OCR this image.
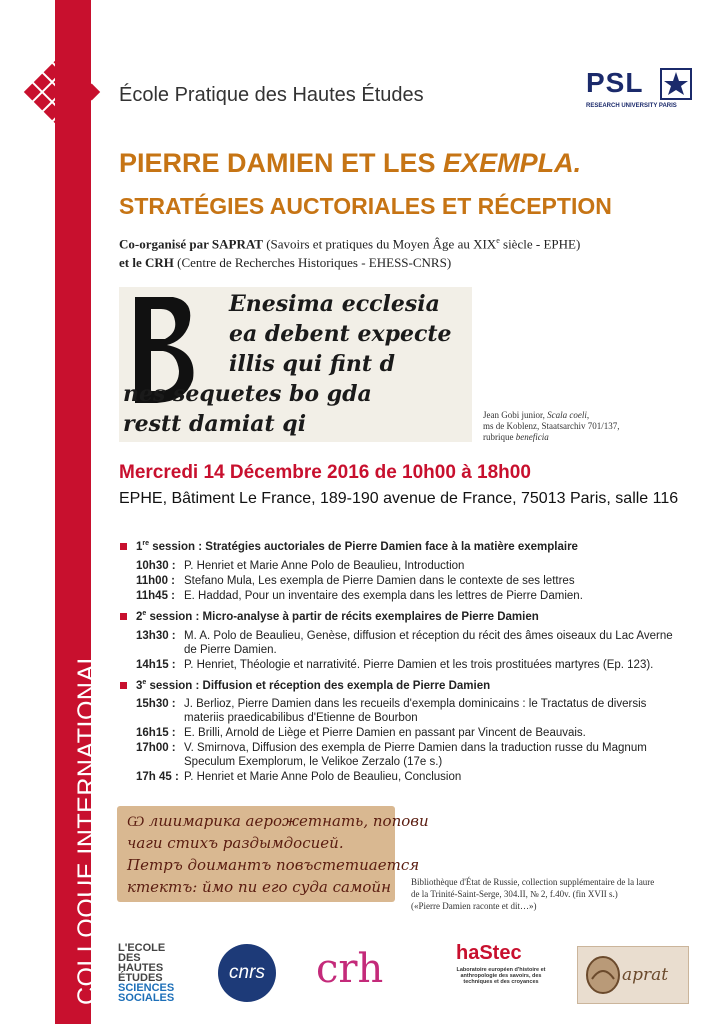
COLLOQUE INTERNATIONAL
École Pratique des Hautes Études	PSL
RESEARCH UNIVERSITY PARIS
PIERRE DAMIEN ET LES EXEMPLA.
STRATÉGIES AUCTORIALES ET RÉCEPTION
Co-organisé par SAPRAT (Savoirs et pratiques du Moyen Âge au XIXe siècle - EPHE)
et le CRH (Centre de Recherches Historiques - EHESS-CNRS)
Enesima ecclesia
ea debent expecte
illis qui fint d
nes sequetes bo gda
restt damiat qi	Jean Gobi junior, Scala coeli,
ms de Koblenz, Staatsarchiv 701/137,
rubrique beneficia
Mercredi 14 Décembre 2016 de 10h00 à 18h00
EPHE, Bâtiment Le France, 189-190 avenue de France, 75013 Paris, salle 116
1re session : Stratégies auctoriales de Pierre Damien face à la matière exemplaire
10h30 : P. Henriet et Marie Anne Polo de Beaulieu, Introduction
11h00 : Stefano Mula, Les exempla de Pierre Damien dans le contexte de ses lettres
11h45 : E. Haddad, Pour un inventaire des exempla dans les lettres de Pierre Damien.
2e session : Micro-analyse à partir de récits exemplaires de Pierre Damien
13h30 : M. A. Polo de Beaulieu, Genèse, diffusion et réception du récit des âmes oiseaux du Lac Averne de Pierre Damien.
14h15 : P. Henriet, Théologie et narrativité. Pierre Damien et les trois prostituées martyres (Ep. 123).
3e session : Diffusion et réception des exempla de Pierre Damien
15h30 : J. Berlioz, Pierre Damien dans les recueils d'exempla dominicains : le Tractatus de diversis materiis praedicabilibus d'Etienne de Bourbon
16h15 : E. Brilli, Arnold de Liège et Pierre Damien en passant par Vincent de Beauvais.
17h00 : V. Smirnova, Diffusion des exempla de Pierre Damien dans la traduction russe du Magnum Speculum Exemplorum, le Velikoe Zerzalo (17e s.)
17h 45 : P. Henriet et Marie Anne Polo de Beaulieu, Conclusion
Ѡ лшимарика аерожетнать, попови
чаги стихъ раздымдосией.
Петръ доимантъ повъстетиается
ктектъ: ймо пи его суда самойн Bibliothèque d'État de Russie, collection supplémentaire de la laure
de la Trinité-Saint-Serge, 304.II, № 2, f.40v. (fin XVII s.)
(«Pierre Damien raconte et dit…»)
L'ECOLE
DES HAUTES
ÉTUDES
SCIENCES
SOCIALES
cnrs crh	haStec
Laboratoire européen d'histoire et anthropologie des savoirs, des techniques et des croyances	aprat
